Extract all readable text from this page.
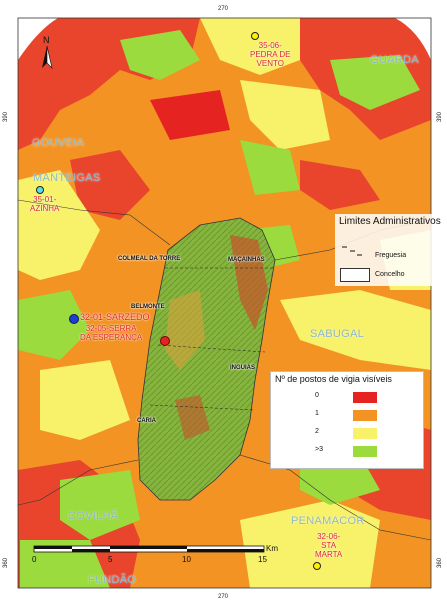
270
270
390
360
390
360
N
GUARDA
GOUVEIA
MANTEIGAS
SABUGAL
COVILHÃ	PENAMACOR
FUNDÃO
35-06-
PEDRA DE
VENTO
35-01-
AZINHA
32-01-SARZEDO
32-05-SERRA
DA ESPERANÇA
32-06-
STA
MARTA
COLMEAL DA TORRE	MAÇAINHAS
BELMONTE
INGUIAS
CARIA
Limites Administrativos
Freguesia
Concelho
Nº de postos de vigia visíveis
0
1
2
>3
0	5	10	15
Km
